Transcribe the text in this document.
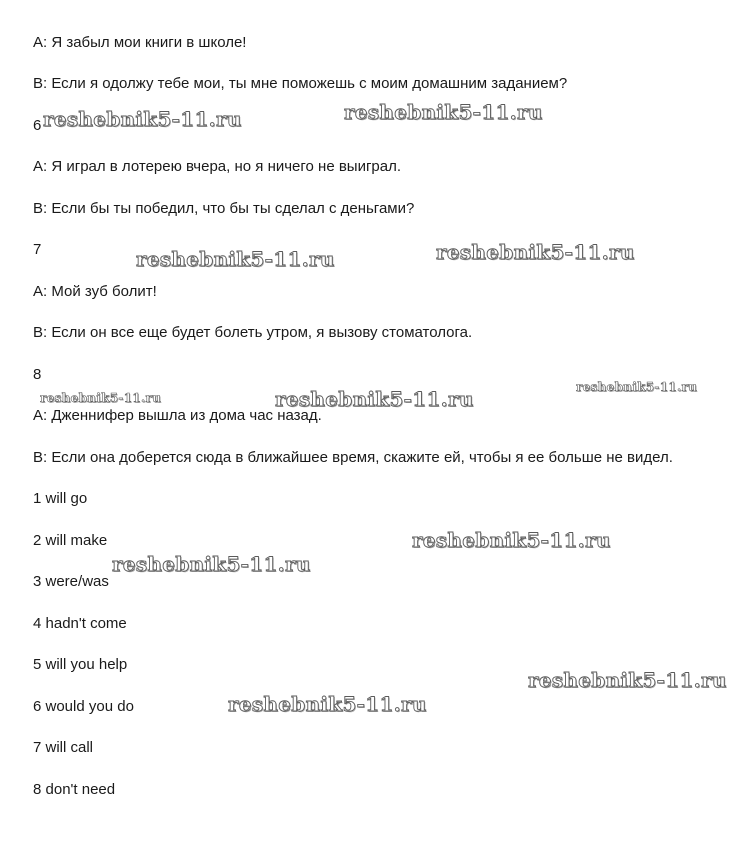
А: Я забыл мои книги в школе!
В: Если я одолжу тебе мои, ты мне поможешь с моим домашним заданием?
6
А: Я играл в лотерею вчера, но я ничего не выиграл.
В: Если бы ты победил, что бы ты сделал с деньгами?
7
А: Мой зуб болит!
В: Если он все еще будет болеть утром, я вызову стоматолога.
8
А: Дженнифер вышла из дома час назад.
В: Если она доберется сюда в ближайшее время, скажите ей, чтобы я ее больше не видел.
1 will go
2 will make
3 were/was
4 hadn't come
5 will you help
6 would you do
7 will call
8 don't need
reshebnik5-11.ru	reshebnik5-11.ru
reshebnik5-11.ru	reshebnik5-11.ru
reshebnik5-11.ru	reshebnik5-11.ru	reshebnik5-11.ru
reshebnik5-11.ru
reshebnik5-11.ru
reshebnik5-11.ru
reshebnik5-11.ru
